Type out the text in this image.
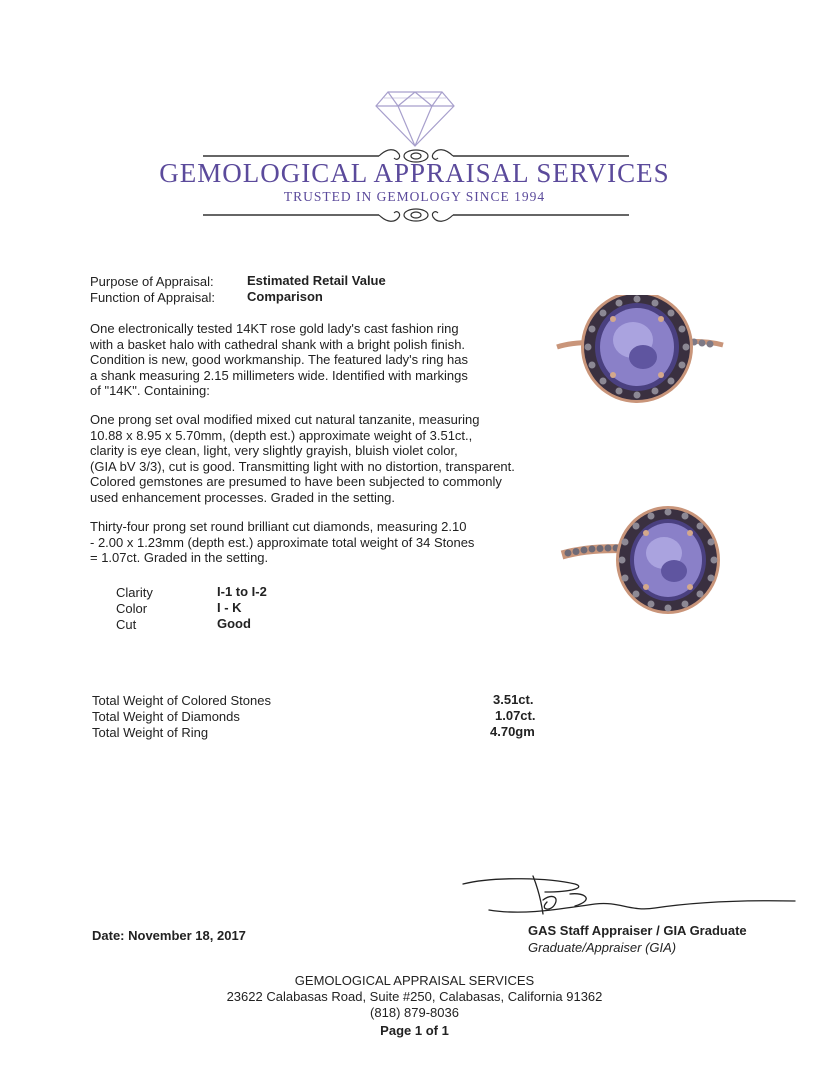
GEMOLOGICAL APPRAISAL SERVICES
TRUSTED IN GEMOLOGY SINCE 1994
Purpose of Appraisal:	Estimated Retail Value
Function of Appraisal: Comparison
One electronically tested 14KT rose gold lady's cast fashion ring
with a basket halo with cathedral shank with a bright polish finish.
Condition is new, good workmanship. The featured lady's ring has
a shank measuring 2.15 millimeters wide. Identified with markings
of "14K". Containing:
One prong set oval modified mixed cut natural tanzanite, measuring
10.88 x 8.95 x 5.70mm, (depth est.) approximate weight of 3.51ct.,
clarity is eye clean, light, very slightly grayish, bluish violet color,
(GIA bV 3/3), cut is good. Transmitting light with no distortion, transparent.
Colored gemstones are presumed to have been subjected to commonly
used enhancement processes. Graded in the setting.
Thirty-four prong set round brilliant cut diamonds, measuring 2.10
- 2.00 x 1.23mm (depth est.) approximate total weight of 34 Stones
= 1.07ct. Graded in the setting.
Clarity	I-1 to I-2
Color	I - K
Cut	Good
Total Weight of Colored Stones	3.51ct.
Total Weight of Diamonds	1.07ct.
Total Weight of Ring	4.70gm
Date: November 18, 2017	GAS Staff Appraiser / GIA Graduate
Graduate/Appraiser (GIA)
GEMOLOGICAL APPRAISAL SERVICES
23622 Calabasas Road, Suite #250, Calabasas, California 91362
(818) 879-8036
Page 1 of 1
